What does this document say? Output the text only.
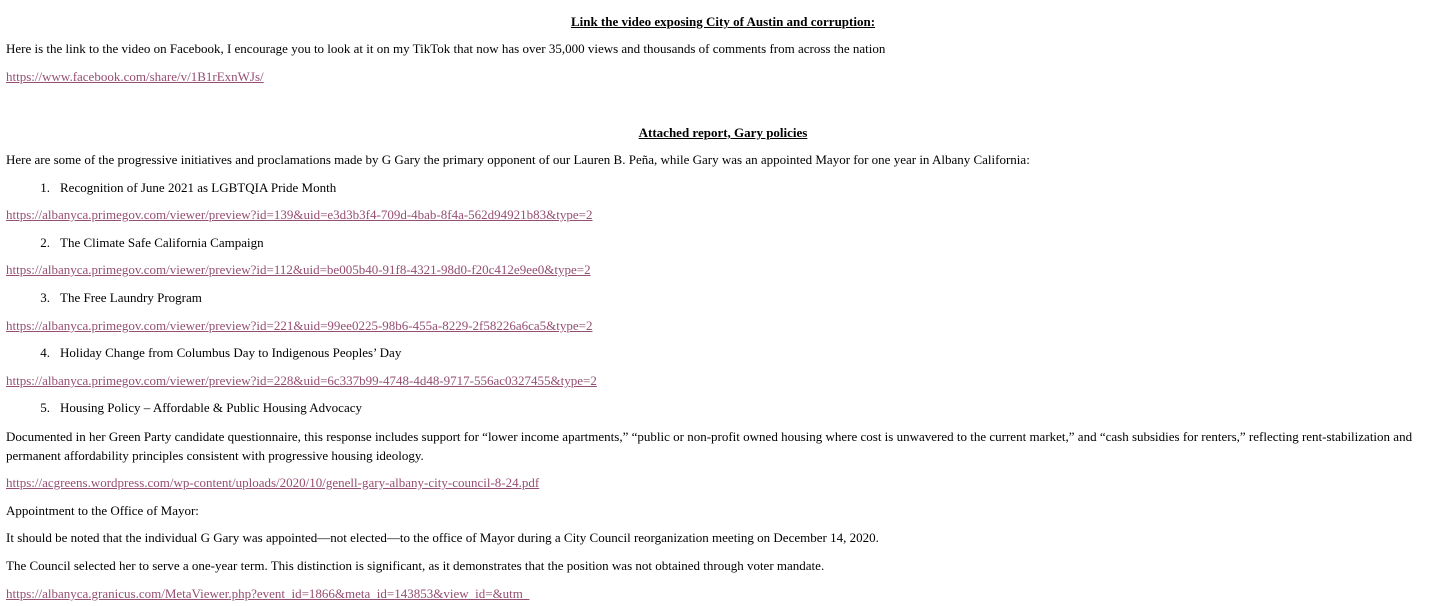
Link the video exposing City of Austin and corruption:
Here is the link to the video on Facebook, I encourage you to look at it on my TikTok that now has over 35,000 views and thousands of comments from across the nation
https://www.facebook.com/share/v/1B1rExnWJs/
Attached report, Gary policies
Here are some of the progressive initiatives and proclamations made by G Gary the primary opponent of our Lauren B. Peña, while Gary was an appointed Mayor for one year in Albany California:
1. Recognition of June 2021 as LGBTQIA Pride Month
https://albanyca.primegov.com/viewer/preview?id=139&uid=e3d3b3f4-709d-4bab-8f4a-562d94921b83&type=2
2. The Climate Safe California Campaign
https://albanyca.primegov.com/viewer/preview?id=112&uid=be005b40-91f8-4321-98d0-f20c412e9ee0&type=2
3. The Free Laundry Program
https://albanyca.primegov.com/viewer/preview?id=221&uid=99ee0225-98b6-455a-8229-2f58226a6ca5&type=2
4. Holiday Change from Columbus Day to Indigenous Peoples’ Day
https://albanyca.primegov.com/viewer/preview?id=228&uid=6c337b99-4748-4d48-9717-556ac0327455&type=2
5. Housing Policy – Affordable & Public Housing Advocacy
Documented in her Green Party candidate questionnaire, this response includes support for “lower income apartments,” “public or non-profit owned housing where cost is unwavered to the current market,” and “cash subsidies for renters,” reflecting rent-stabilization and permanent affordability principles consistent with progressive housing ideology.
https://acgreens.wordpress.com/wp-content/uploads/2020/10/genell-gary-albany-city-council-8-24.pdf
Appointment to the Office of Mayor:
It should be noted that the individual G Gary was appointed—not elected—to the office of Mayor during a City Council reorganization meeting on December 14, 2020.
The Council selected her to serve a one-year term. This distinction is significant, as it demonstrates that the position was not obtained through voter mandate.
https://albanyca.granicus.com/MetaViewer.php?event_id=1866&meta_id=143853&view_id=&utm_
